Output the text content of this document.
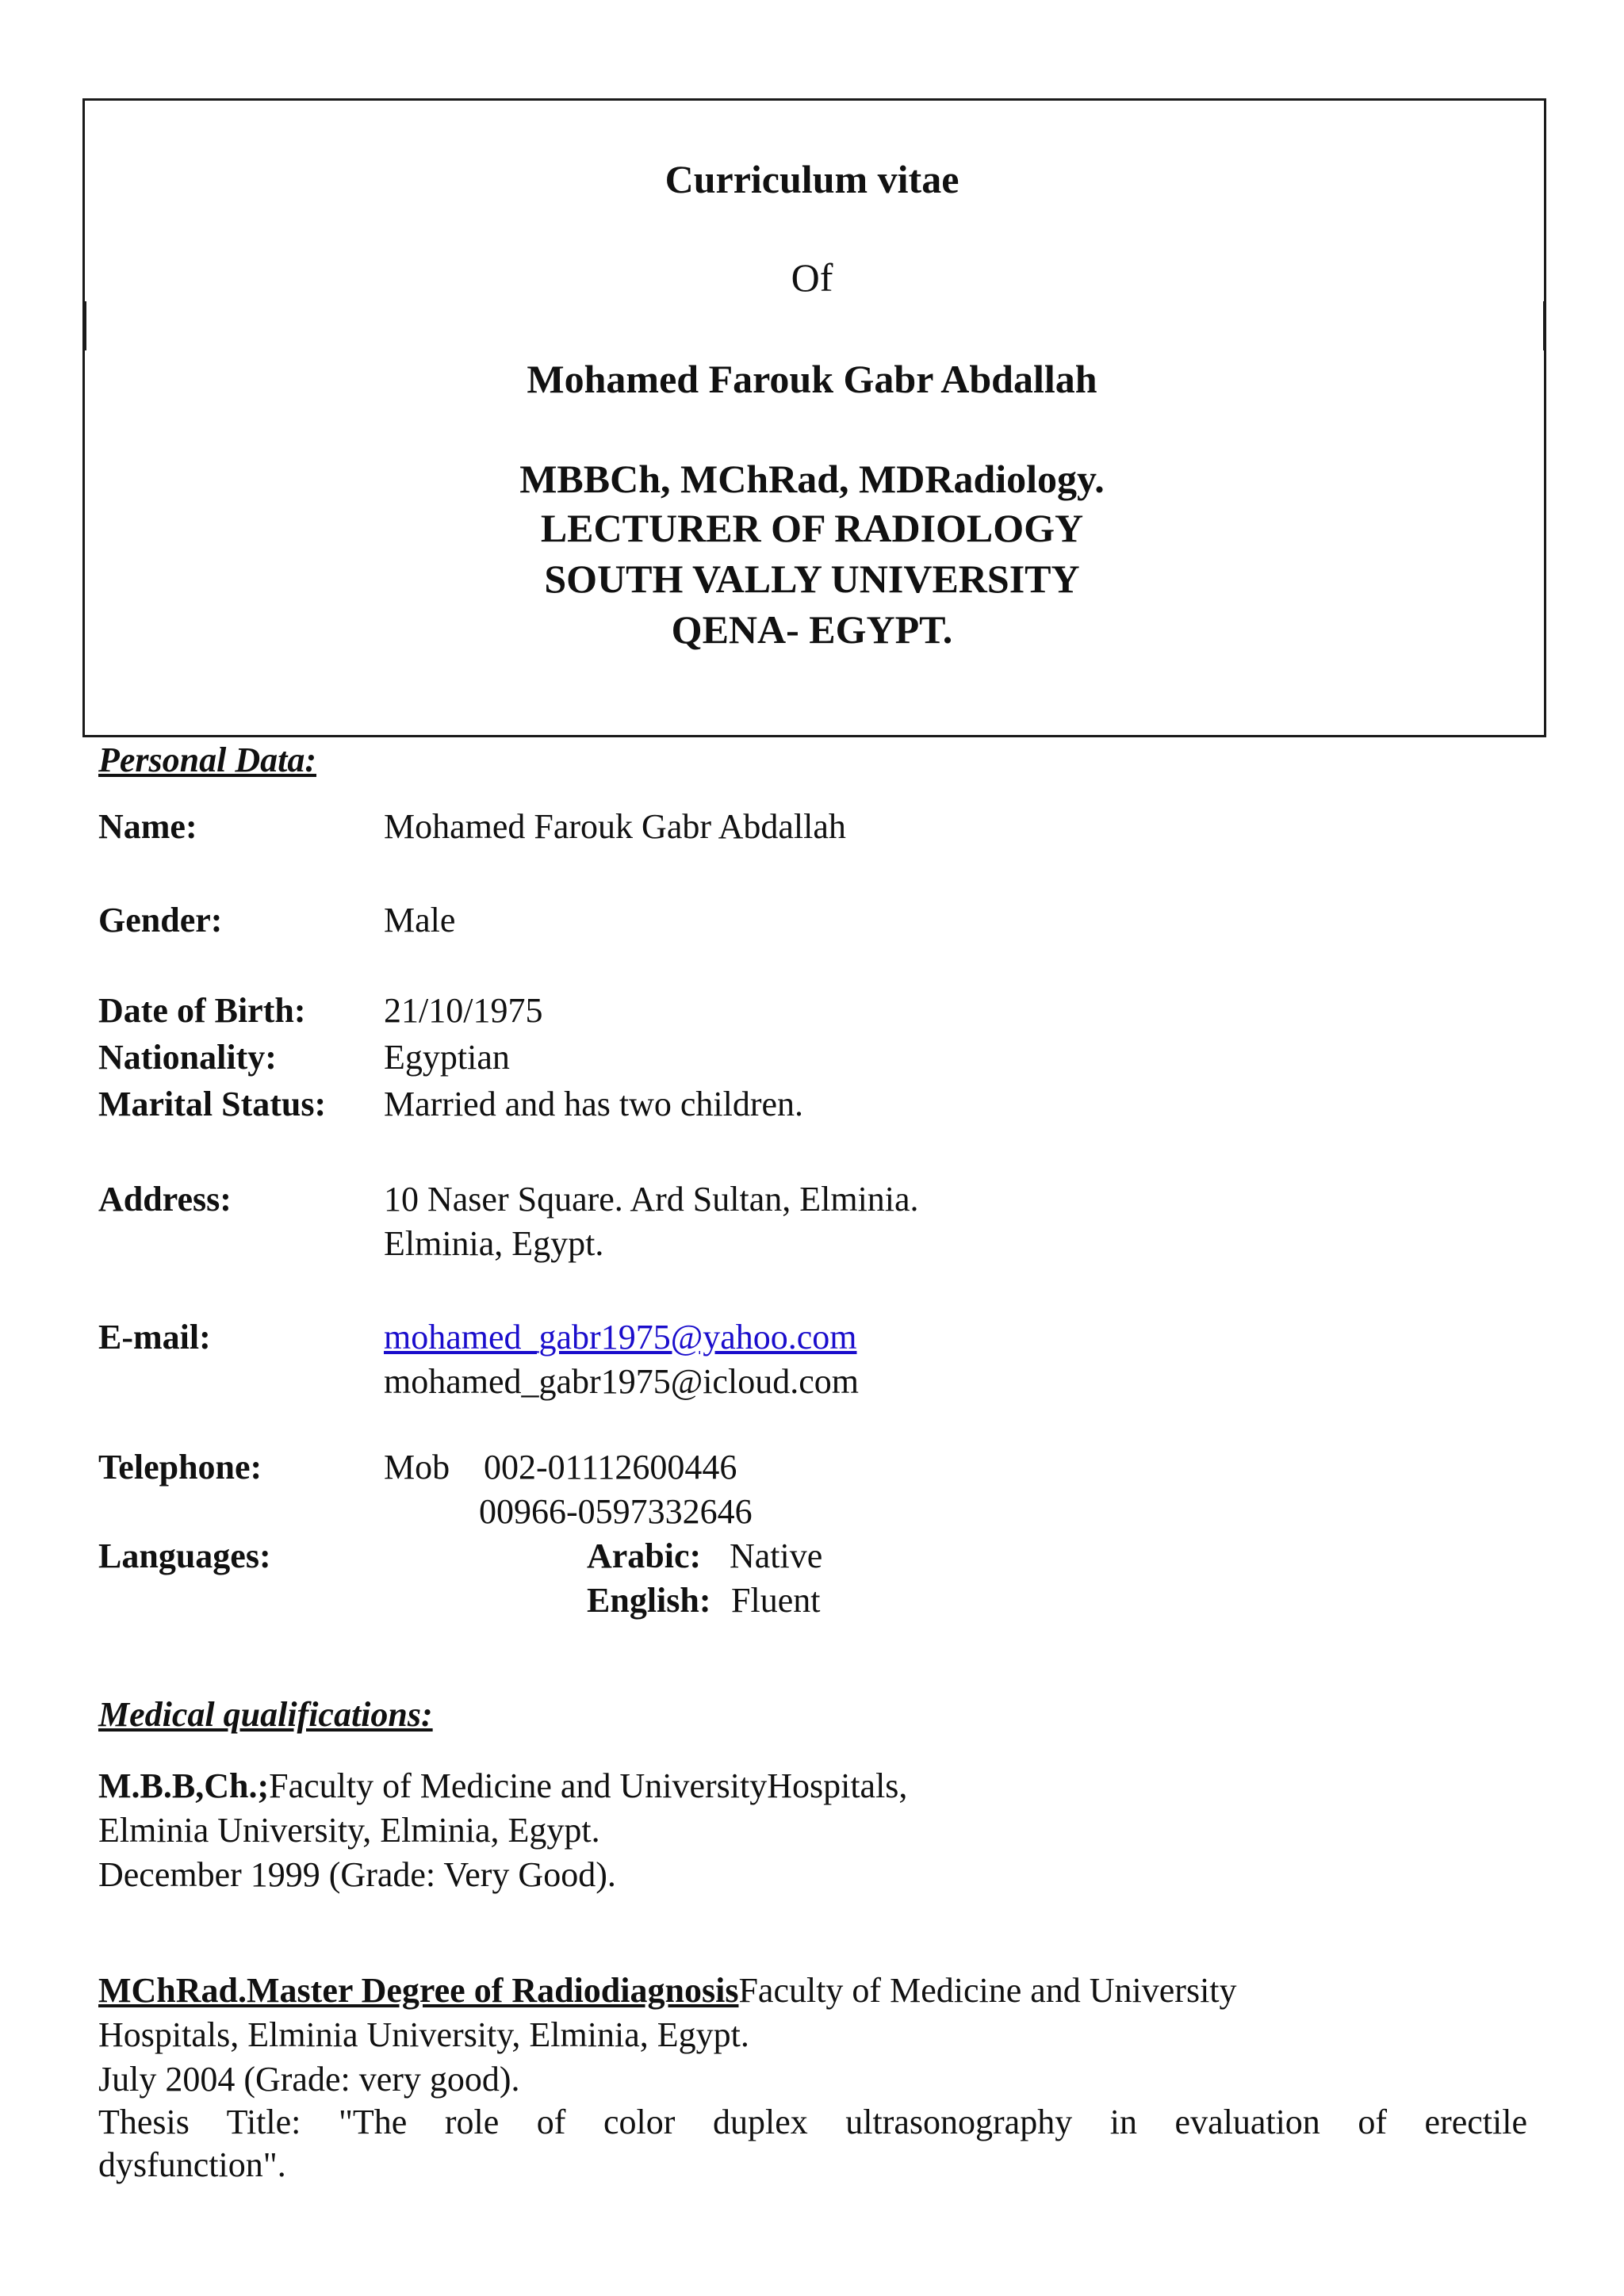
Curriculum vitae
Of
Mohamed Farouk Gabr Abdallah
MBBCh, MChRad, MDRadiology.
LECTURER OF RADIOLOGY
SOUTH VALLY UNIVERSITY
QENA- EGYPT.
Personal Data:
Name:	Mohamed Farouk Gabr Abdallah
Gender:	Male
Date of Birth: 21/10/1975
Nationality:	Egyptian
Marital Status: Married and has two children.
Address:	10 Naser Square. Ard Sultan, Elminia.
Elminia, Egypt.
E-mail:	mohamed_gabr1975@yahoo.com
mohamed_gabr1975@icloud.com
Telephone:	Mob 002-01112600446
00966-0597332646
Languages:	Arabic: Native
English: Fluent
Medical qualifications:
M.B.B,Ch.;Faculty of Medicine and UniversityHospitals,
Elminia University, Elminia, Egypt.
December 1999 (Grade: Very Good).
MChRad.Master Degree of RadiodiagnosisFaculty of Medicine and University
Hospitals, Elminia University, Elminia, Egypt.
July 2004 (Grade: very good).
Thesis Title: "The role of color duplex ultrasonography in evaluation of erectile
dysfunction".
